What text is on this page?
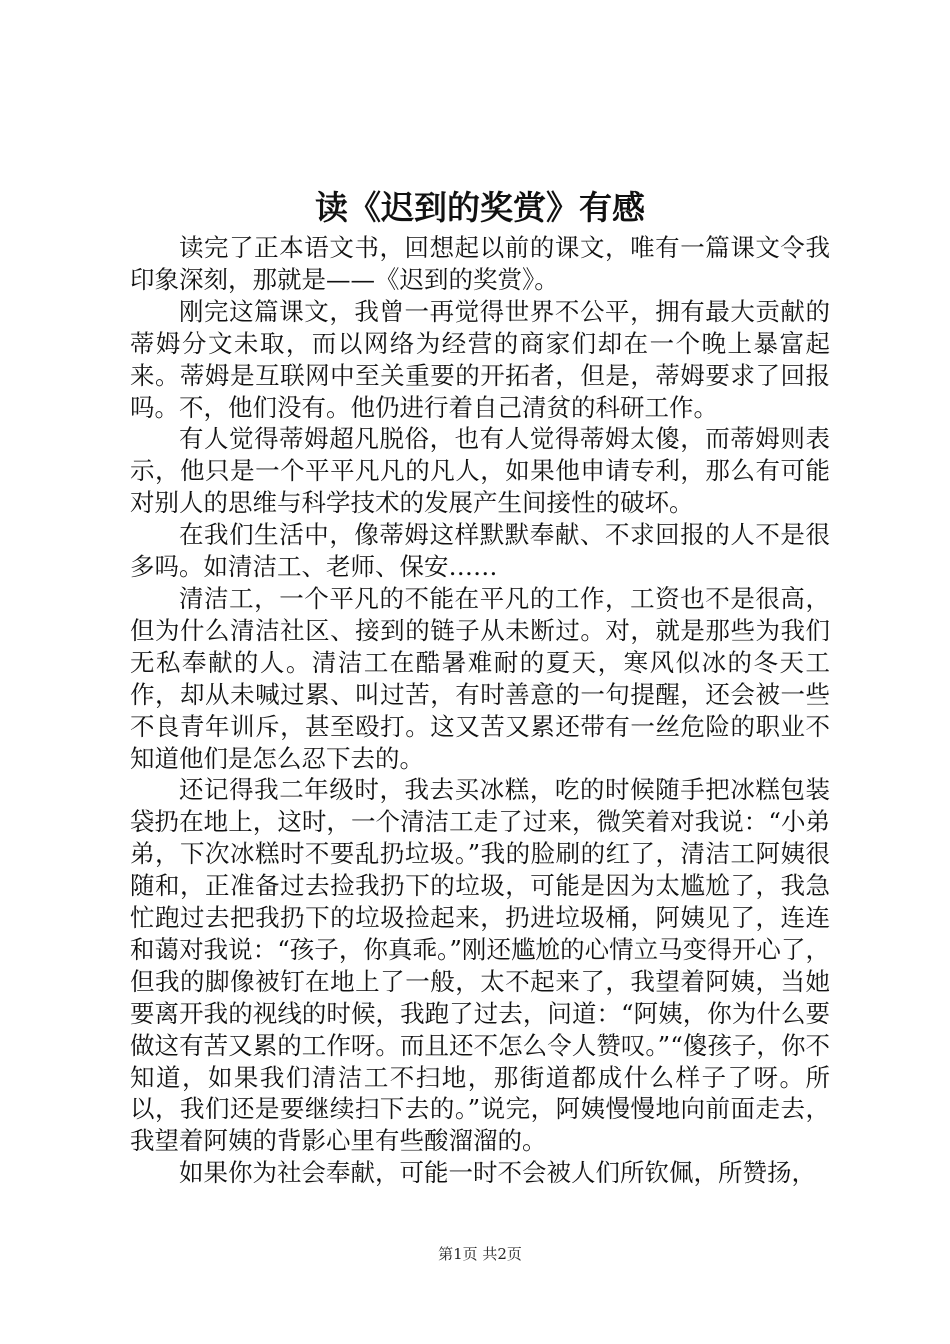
读《迟到的奖赏》有感

读完了正本语文书，回想起以前的课文，唯有一篇课文令我印象深刻，那就是——《迟到的奖赏》。

刚完这篇课文，我曾一再觉得世界不公平，拥有最大贡献的蒂姆分文未取，而以网络为经营的商家们却在一个晚上暴富起来。蒂姆是互联网中至关重要的开拓者，但是，蒂姆要求了回报吗。不，他们没有。他仍进行着自己清贫的科研工作。

有人觉得蒂姆超凡脱俗，也有人觉得蒂姆太傻，而蒂姆则表示，他只是一个平平凡凡的凡人，如果他申请专利，那么有可能对别人的思维与科学技术的发展产生间接性的破坏。

在我们生活中，像蒂姆这样默默奉献、不求回报的人不是很多吗。如清洁工、老师、保安……

清洁工，一个平凡的不能在平凡的工作，工资也不是很高，但为什么清洁社区、接到的链子从未断过。对，就是那些为我们无私奉献的人。清洁工在酷暑难耐的夏天，寒风似冰的冬天工作，却从未喊过累、叫过苦，有时善意的一句提醒，还会被一些不良青年训斥，甚至殴打。这又苦又累还带有一丝危险的职业不知道他们是怎么忍下去的。

还记得我二年级时，我去买冰糕，吃的时候随手把冰糕包装袋扔在地上，这时，一个清洁工走了过来，微笑着对我说：“小弟弟，下次冰糕时不要乱扔垃圾。”我的脸刷的红了，清洁工阿姨很随和，正准备过去捡我扔下的垃圾，可能是因为太尴尬了，我急忙跑过去把我扔下的垃圾捡起来，扔进垃圾桶，阿姨见了，连连和蔼对我说：“孩子，你真乖。”刚还尴尬的心情立马变得开心了，但我的脚像被钉在地上了一般，太不起来了，我望着阿姨，当她要离开我的视线的时候，我跑了过去，问道：“阿姨，你为什么要做这有苦又累的工作呀。而且还不怎么令人赞叹。”“傻孩子，你不知道，如果我们清洁工不扫地，那街道都成什么样子了呀。所以，我们还是要继续扫下去的。”说完，阿姨慢慢地向前面走去，我望着阿姨的背影心里有些酸溜溜的。

如果你为社会奉献，可能一时不会被人们所钦佩，所赞扬，

第1页 共2页
